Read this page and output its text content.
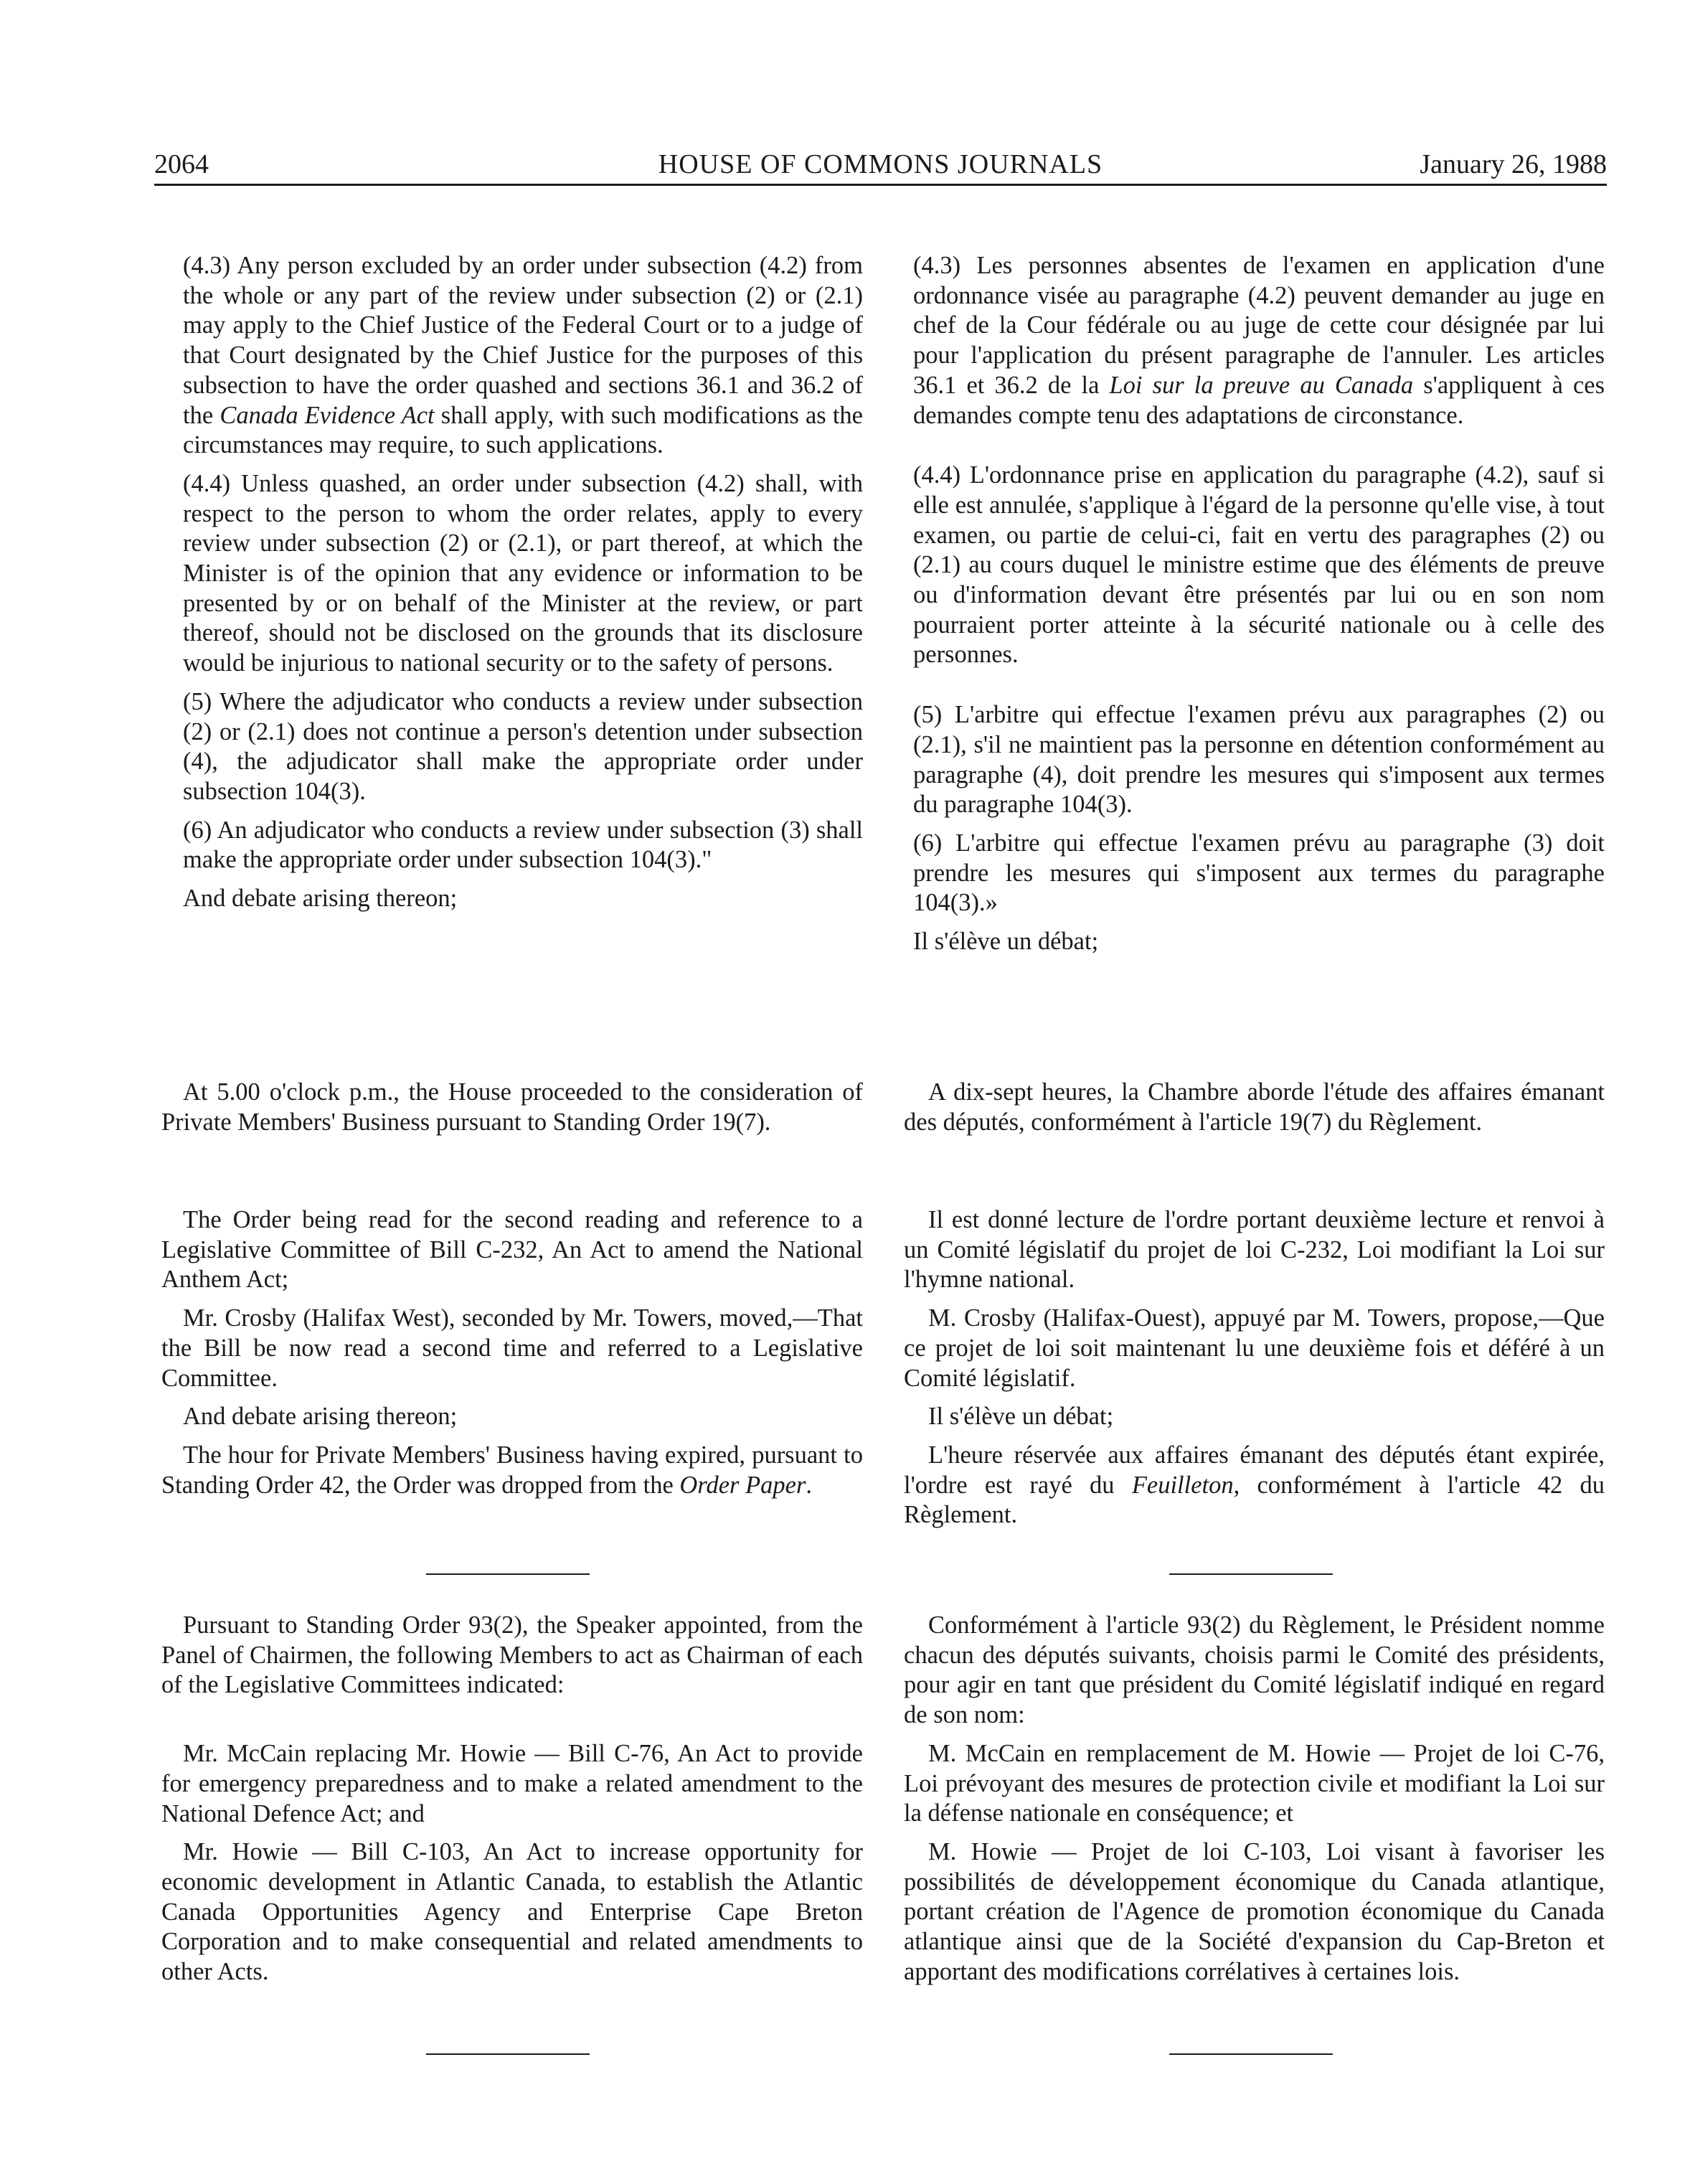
HOUSE OF COMMONS JOURNALS
2064	January 26, 1988

(4.3) Any person excluded by an order under subsection (4.2) from the whole or any part of the review under subsection (2) or (2.1) may apply to the Chief Justice of the Federal Court or to a judge of that Court designated by the Chief Justice for the purposes of this subsection to have the order quashed and sections 36.1 and 36.2 of the Canada Evidence Act shall apply, with such modifications as the circumstances may require, to such applications.

(4.4) Unless quashed, an order under subsection (4.2) shall, with respect to the person to whom the order relates, apply to every review under subsection (2) or (2.1), or part thereof, at which the Minister is of the opinion that any evidence or information to be presented by or on behalf of the Minister at the review, or part thereof, should not be disclosed on the grounds that its disclosure would be injurious to national security or to the safety of persons.

(5) Where the adjudicator who conducts a review under subsection (2) or (2.1) does not continue a person's detention under subsection (4), the adjudicator shall make the appropriate order under subsection 104(3).

(6) An adjudicator who conducts a review under subsection (3) shall make the appropriate order under subsection 104(3)."

And debate arising thereon;

(4.3) Les personnes absentes de l'examen en application d'une ordonnance visée au paragraphe (4.2) peuvent demander au juge en chef de la Cour fédérale ou au juge de cette cour désignée par lui pour l'application du présent paragraphe de l'annuler. Les articles 36.1 et 36.2 de la Loi sur la preuve au Canada s'appliquent à ces demandes compte tenu des adaptations de circonstance.

(4.4) L'ordonnance prise en application du paragraphe (4.2), sauf si elle est annulée, s'applique à l'égard de la personne qu'elle vise, à tout examen, ou partie de celui-ci, fait en vertu des paragraphes (2) ou (2.1) au cours duquel le ministre estime que des éléments de preuve ou d'information devant être présentés par lui ou en son nom pourraient porter atteinte à la sécurité nationale ou à celle des personnes.

(5) L'arbitre qui effectue l'examen prévu aux paragraphes (2) ou (2.1), s'il ne maintient pas la personne en détention conformément au paragraphe (4), doit prendre les mesures qui s'imposent aux termes du paragraphe 104(3).

(6) L'arbitre qui effectue l'examen prévu au paragraphe (3) doit prendre les mesures qui s'imposent aux termes du paragraphe 104(3).»

Il s'élève un débat;

At 5.00 o'clock p.m., the House proceeded to the consideration of Private Members' Business pursuant to Standing Order 19(7).

A dix-sept heures, la Chambre aborde l'étude des affaires émanant des députés, conformément à l'article 19(7) du Règlement.

The Order being read for the second reading and reference to a Legislative Committee of Bill C-232, An Act to amend the National Anthem Act;

Mr. Crosby (Halifax West), seconded by Mr. Towers, moved,—That the Bill be now read a second time and referred to a Legislative Committee.

And debate arising thereon;

The hour for Private Members' Business having expired, pursuant to Standing Order 42, the Order was dropped from the Order Paper.

Il est donné lecture de l'ordre portant deuxième lecture et renvoi à un Comité législatif du projet de loi C-232, Loi modifiant la Loi sur l'hymne national.

M. Crosby (Halifax-Ouest), appuyé par M. Towers, propose,—Que ce projet de loi soit maintenant lu une deuxième fois et déféré à un Comité législatif.

Il s'élève un débat;

L'heure réservée aux affaires émanant des députés étant expirée, l'ordre est rayé du Feuilleton, conformément à l'article 42 du Règlement.

Pursuant to Standing Order 93(2), the Speaker appointed, from the Panel of Chairmen, the following Members to act as Chairman of each of the Legislative Committees indicated:

Mr. McCain replacing Mr. Howie — Bill C-76, An Act to provide for emergency preparedness and to make a related amendment to the National Defence Act; and

Mr. Howie — Bill C-103, An Act to increase opportunity for economic development in Atlantic Canada, to establish the Atlantic Canada Opportunities Agency and Enterprise Cape Breton Corporation and to make consequential and related amendments to other Acts.

Conformément à l'article 93(2) du Règlement, le Président nomme chacun des députés suivants, choisis parmi le Comité des présidents, pour agir en tant que président du Comité législatif indiqué en regard de son nom:

M. McCain en remplacement de M. Howie — Projet de loi C-76, Loi prévoyant des mesures de protection civile et modifiant la Loi sur la défense nationale en conséquence; et

M. Howie — Projet de loi C-103, Loi visant à favoriser les possibilités de développement économique du Canada atlantique, portant création de l'Agence de promotion économique du Canada atlantique ainsi que de la Société d'expansion du Cap-Breton et apportant des modifications corrélatives à certaines lois.
